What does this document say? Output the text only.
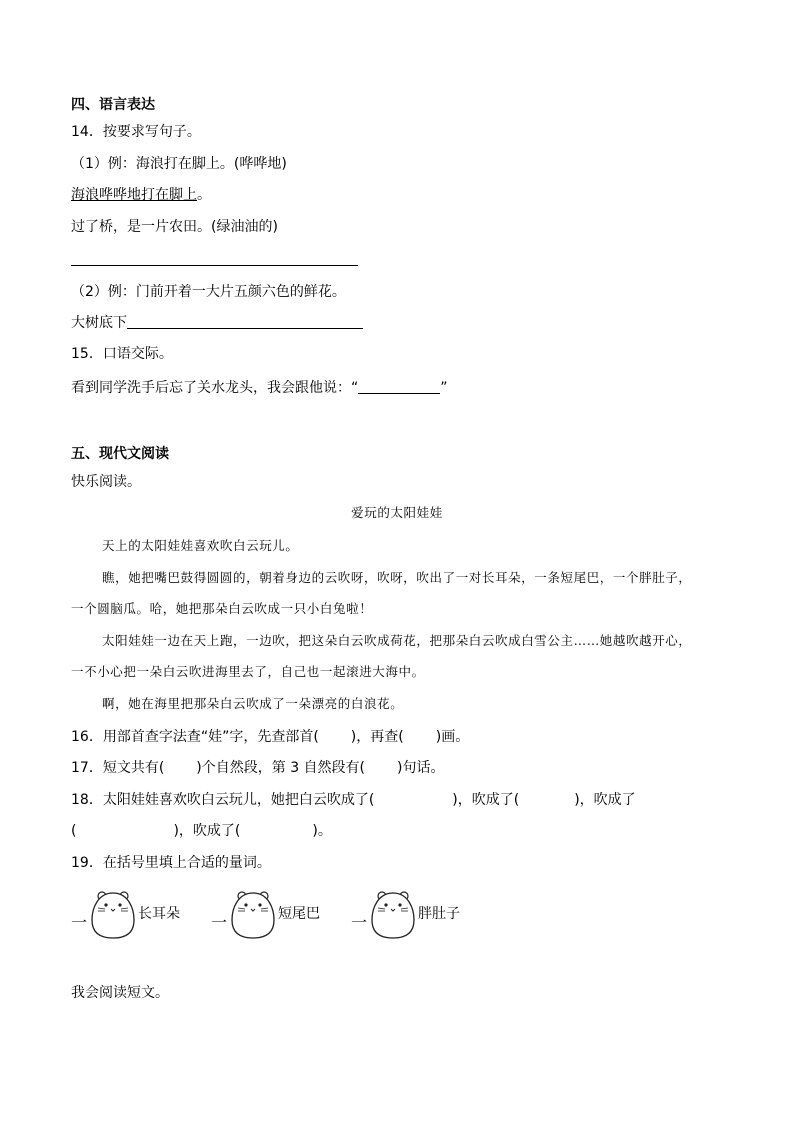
四、语言表达
14．按要求写句子。
（1）例：海浪打在脚上。(哗哗地)
海浪哗哗地打在脚上。
过了桥，是一片农田。(绿油油的)
（2）例：门前开着一大片五颜六色的鲜花。
大树底下
15．口语交际。
看到同学洗手后忘了关水龙头，我会跟他说：“	”
五、现代文阅读
快乐阅读。
爱玩的太阳娃娃
天上的太阳娃娃喜欢吹白云玩儿。
瞧，她把嘴巴鼓得圆圆的，朝着身边的云吹呀，吹呀，吹出了一对长耳朵，一条短尾巴，一个胖肚子，
一个圆脑瓜。哈，她把那朵白云吹成一只小白兔啦！
太阳娃娃一边在天上跑，一边吹，把这朵白云吹成荷花，把那朵白云吹成白雪公主……她越吹越开心，
一不小心把一朵白云吹进海里去了，自己也一起滚进大海中。
啊，她在海里把那朵白云吹成了一朵漂亮的白浪花。
16．用部首查字法查“娃”字，先查部首( )，再查( )画。
17．短文共有( )个自然段，第 3 自然段有( )句话。
18．太阳娃娃喜欢吹白云玩儿，她把白云吹成了(	)，吹成了(	)，吹成了
(	)，吹成了(	)。
19．在括号里填上合适的量词。
一	长耳朵 一	短尾巴 一	胖肚子
我会阅读短文。
